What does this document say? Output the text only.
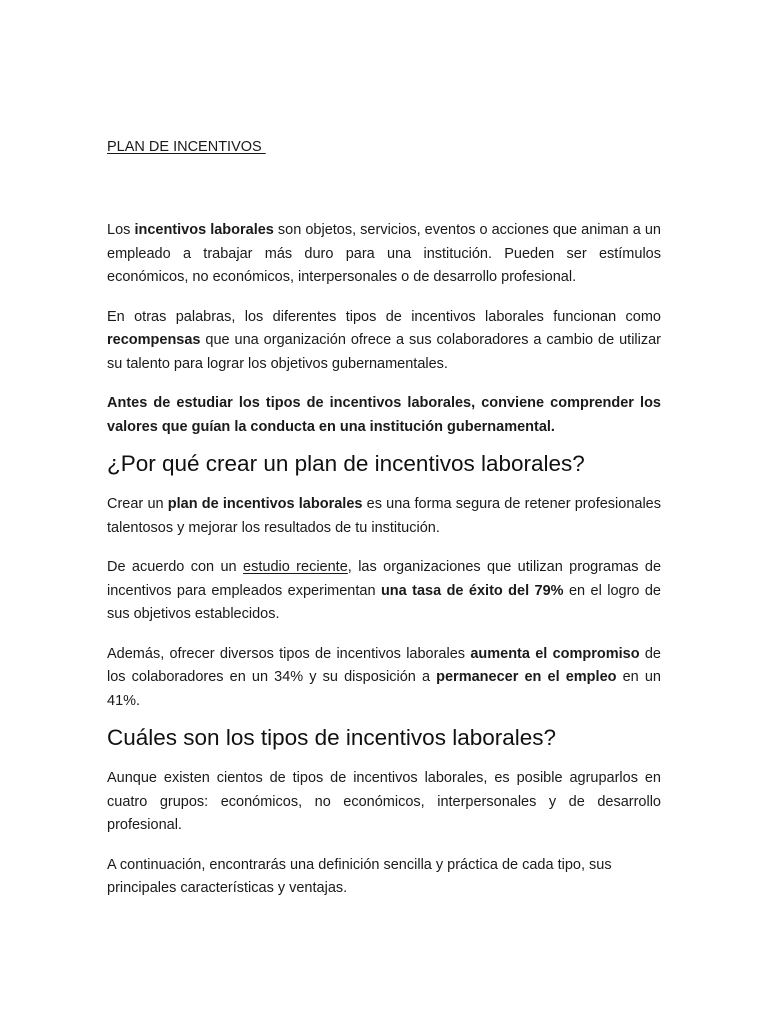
PLAN DE INCENTIVOS

Los incentivos laborales son objetos, servicios, eventos o acciones que animan a un empleado a trabajar más duro para una institución. Pueden ser estímulos económicos, no económicos, interpersonales o de desarrollo profesional.

En otras palabras, los diferentes tipos de incentivos laborales funcionan como recompensas que una organización ofrece a sus colaboradores a cambio de utilizar su talento para lograr los objetivos gubernamentales.

Antes de estudiar los tipos de incentivos laborales, conviene comprender los valores que guían la conducta en una institución gubernamental.

¿Por qué crear un plan de incentivos laborales?

Crear un plan de incentivos laborales es una forma segura de retener profesionales talentosos y mejorar los resultados de tu institución.

De acuerdo con un estudio reciente, las organizaciones que utilizan programas de incentivos para empleados experimentan una tasa de éxito del 79% en el logro de sus objetivos establecidos.

Además, ofrecer diversos tipos de incentivos laborales aumenta el compromiso de los colaboradores en un 34% y su disposición a permanecer en el empleo en un 41%.

Cuáles son los tipos de incentivos laborales?

Aunque existen cientos de tipos de incentivos laborales, es posible agruparlos en cuatro grupos: económicos, no económicos, interpersonales y de desarrollo profesional.

A continuación, encontrarás una definición sencilla y práctica de cada tipo, sus principales características y ventajas.
